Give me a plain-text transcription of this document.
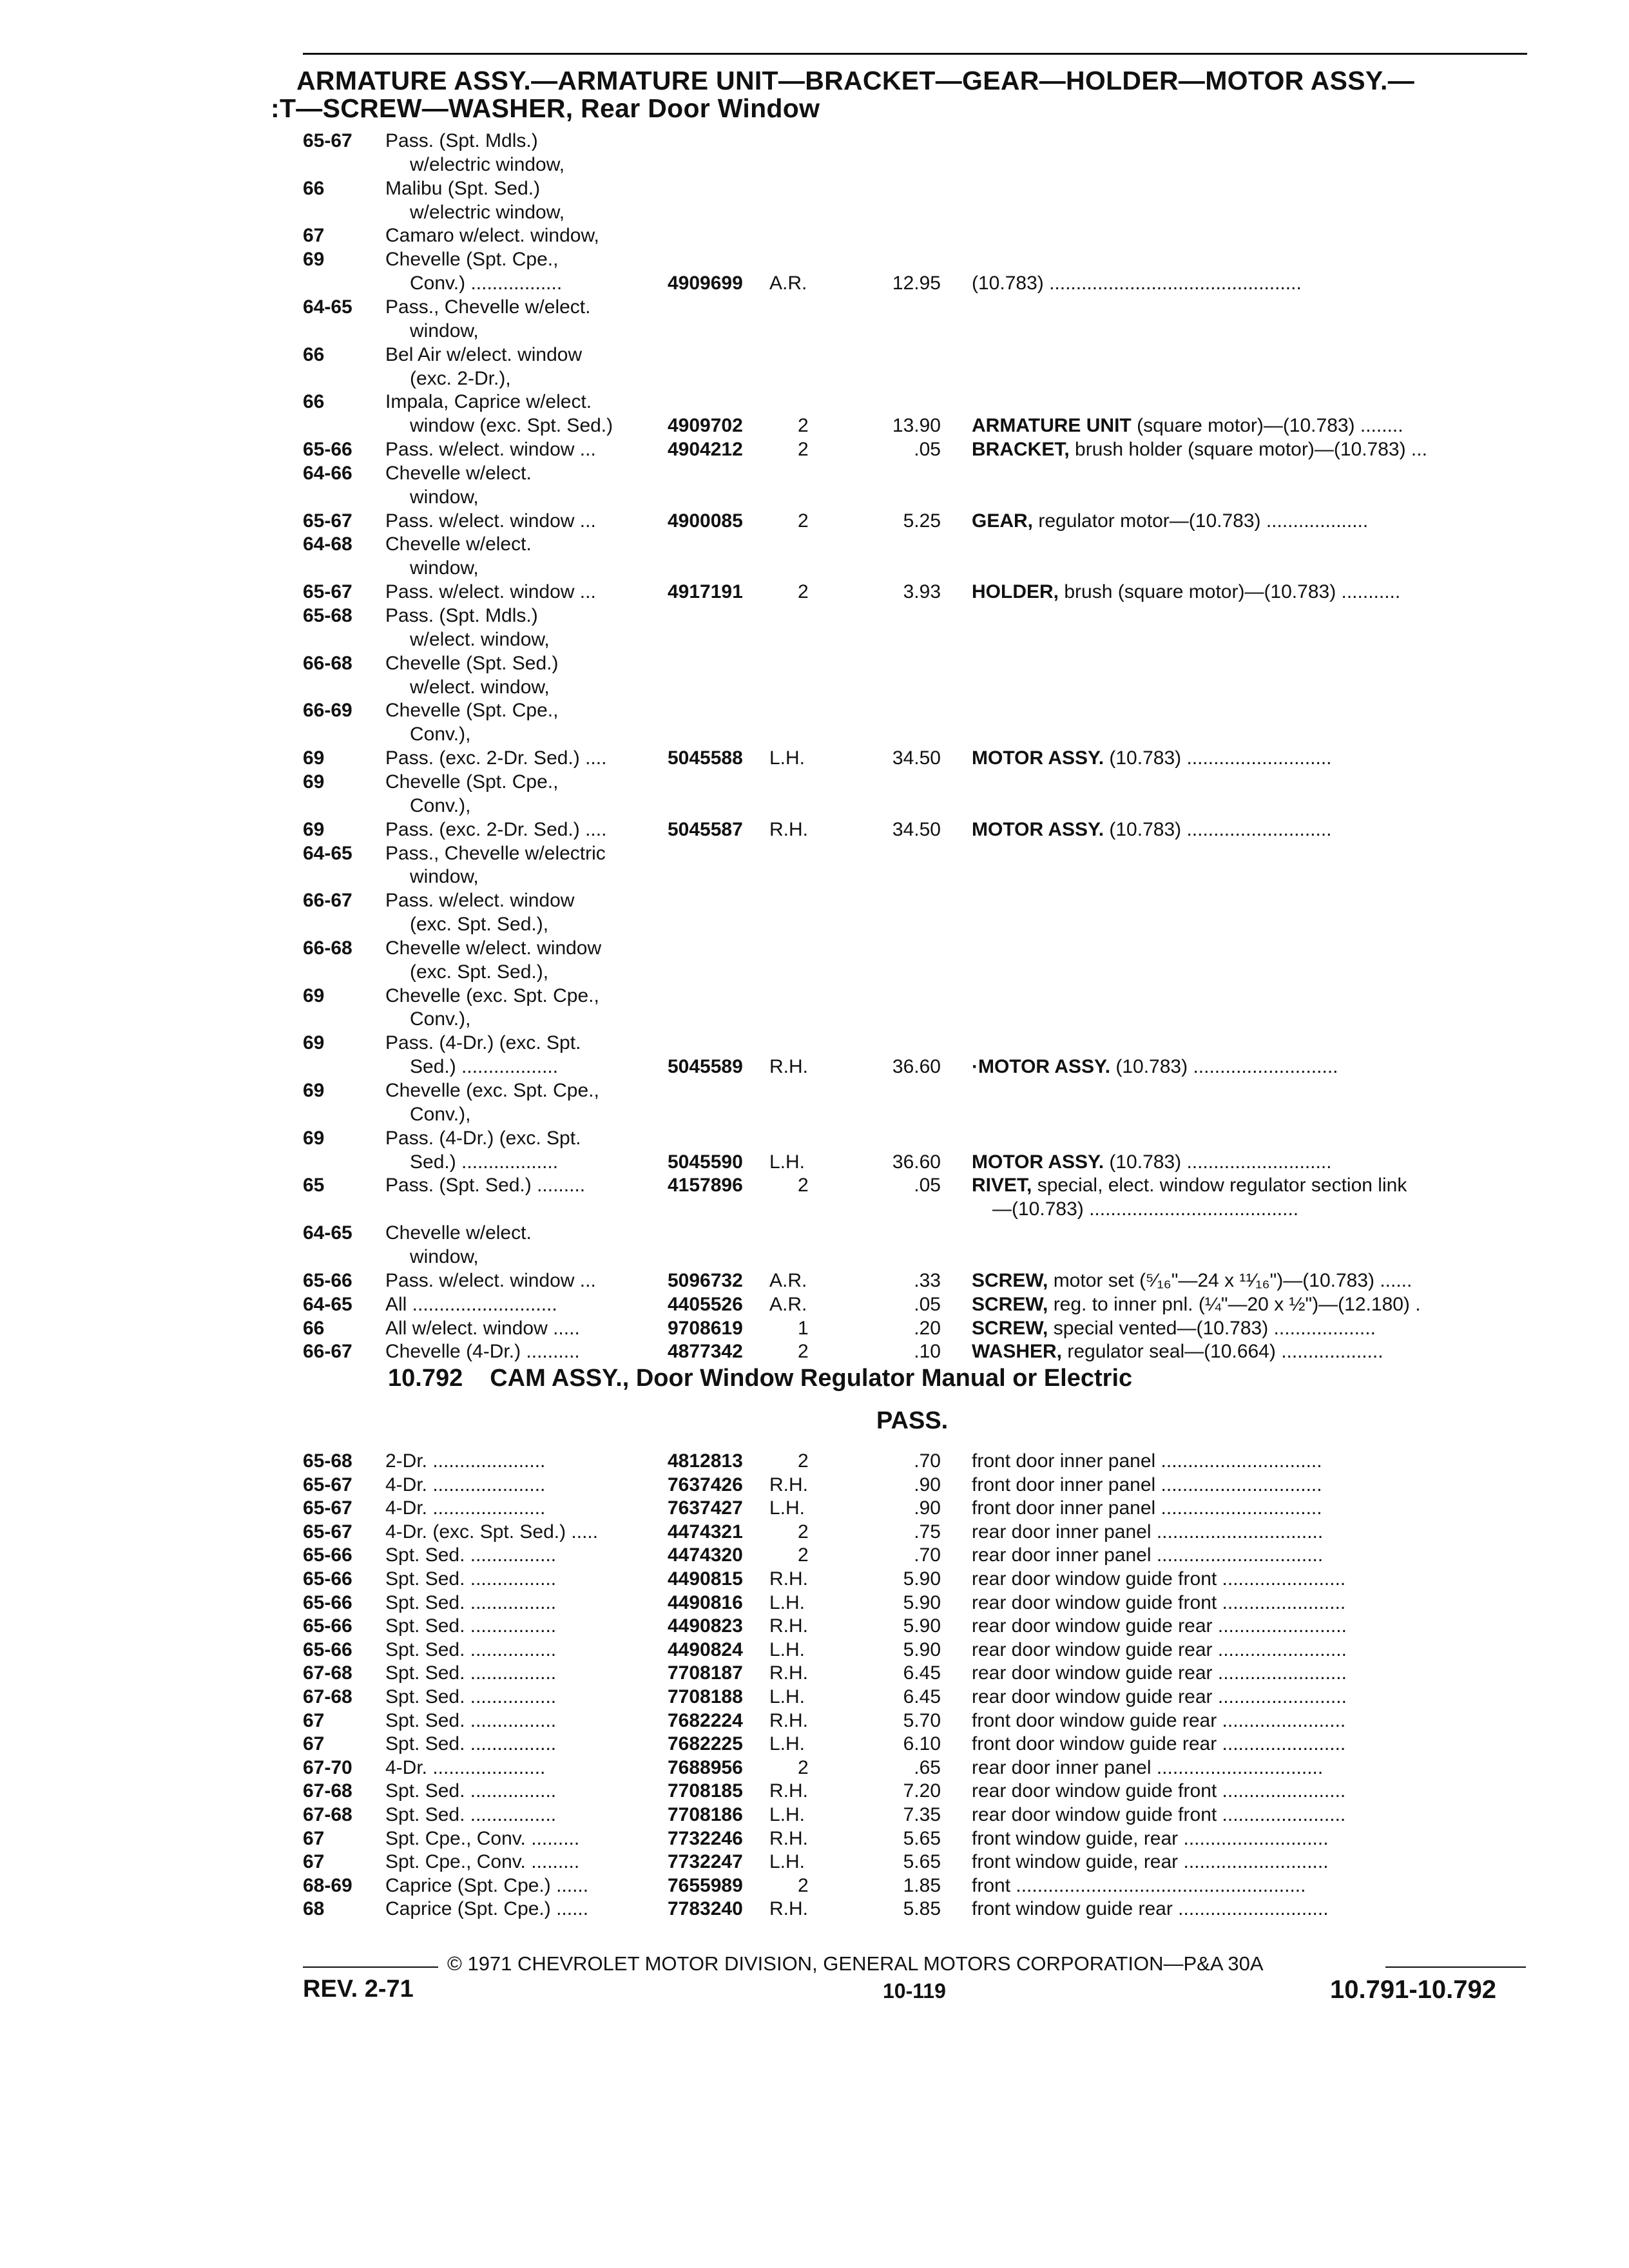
ARMATURE ASSY.—ARMATURE UNIT—BRACKET—GEAR—HOLDER—MOTOR ASSY.—
:T—SCREW—WASHER, Rear Door Window
65-67 Pass. (Spt. Mdls.)
w/electric window,
66	Malibu (Spt. Sed.)
w/electric window,
67	Camaro w/elect. window,
69	Chevelle (Spt. Cpe.,
Conv.) .................	4909699 A.R.	12.95 (10.783) ...............................................
64-65 Pass., Chevelle w/elect.
window,
66	Bel Air w/elect. window
(exc. 2-Dr.),
66	Impala, Caprice w/elect.
window (exc. Spt. Sed.)	4909702	2	13.90 ARMATURE UNIT (square motor)—(10.783) ........
65-66 Pass. w/elect. window ...	4904212	2	.05 BRACKET, brush holder (square motor)—(10.783) ...
64-66 Chevelle w/elect.
window,
65-67 Pass. w/elect. window ...	4900085	2	5.25 GEAR, regulator motor—(10.783) ...................
64-68 Chevelle w/elect.
window,
65-67 Pass. w/elect. window ...	4917191	2	3.93 HOLDER, brush (square motor)—(10.783) ...........
65-68 Pass. (Spt. Mdls.)
w/elect. window,
66-68 Chevelle (Spt. Sed.)
w/elect. window,
66-69 Chevelle (Spt. Cpe.,
Conv.),
69	Pass. (exc. 2-Dr. Sed.) ....	5045588 L.H.	34.50 MOTOR ASSY. (10.783) ...........................
69	Chevelle (Spt. Cpe.,
Conv.),
69	Pass. (exc. 2-Dr. Sed.) ....	5045587 R.H.	34.50 MOTOR ASSY. (10.783) ...........................
64-65 Pass., Chevelle w/electric
window,
66-67 Pass. w/elect. window
(exc. Spt. Sed.),
66-68 Chevelle w/elect. window
(exc. Spt. Sed.),
69	Chevelle (exc. Spt. Cpe.,
Conv.),
69	Pass. (4-Dr.) (exc. Spt.
Sed.) ..................	5045589 R.H.	36.60 ·MOTOR ASSY. (10.783) ...........................
69	Chevelle (exc. Spt. Cpe.,
Conv.),
69	Pass. (4-Dr.) (exc. Spt.
Sed.) ..................	5045590 L.H.	36.60 MOTOR ASSY. (10.783) ...........................
65	Pass. (Spt. Sed.) .........	4157896	2	.05 RIVET, special, elect. window regulator section link
—(10.783) .......................................
64-65 Chevelle w/elect.
window,
65-66 Pass. w/elect. window ...	5096732 A.R.	.33 SCREW, motor set (⁵⁄₁₆"—24 x ¹¹⁄₁₆")—(10.783) ......
64-65 All ...........................	4405526 A.R.	.05 SCREW, reg. to inner pnl. (¼"—20 x ½")—(12.180) .
66	All w/elect. window .....	9708619	1	.20 SCREW, special vented—(10.783) ...................
66-67 Chevelle (4-Dr.) ..........	4877342	2	.10 WASHER, regulator seal—(10.664) ...................
10.792 CAM ASSY., Door Window Regulator Manual or Electric
PASS.
65-68 2-Dr. .....................	4812813	2	.70 front door inner panel ..............................
65-67 4-Dr. .....................	7637426 R.H.	.90 front door inner panel ..............................
65-67 4-Dr. .....................	7637427 L.H.	.90 front door inner panel ..............................
65-67 4-Dr. (exc. Spt. Sed.) .....	4474321	2	.75 rear door inner panel ...............................
65-66 Spt. Sed. ................	4474320	2	.70 rear door inner panel ...............................
65-66 Spt. Sed. ................	4490815 R.H.	5.90 rear door window guide front .......................
65-66 Spt. Sed. ................	4490816 L.H.	5.90 rear door window guide front .......................
65-66 Spt. Sed. ................	4490823 R.H.	5.90 rear door window guide rear ........................
65-66 Spt. Sed. ................	4490824 L.H.	5.90 rear door window guide rear ........................
67-68 Spt. Sed. ................	7708187 R.H.	6.45 rear door window guide rear ........................
67-68 Spt. Sed. ................	7708188 L.H.	6.45 rear door window guide rear ........................
67	Spt. Sed. ................	7682224 R.H.	5.70 front door window guide rear .......................
67	Spt. Sed. ................	7682225 L.H.	6.10 front door window guide rear .......................
67-70 4-Dr. .....................	7688956	2	.65 rear door inner panel ...............................
67-68 Spt. Sed. ................	7708185 R.H.	7.20 rear door window guide front .......................
67-68 Spt. Sed. ................	7708186 L.H.	7.35 rear door window guide front .......................
67	Spt. Cpe., Conv. .........	7732246 R.H.	5.65 front window guide, rear ...........................
67	Spt. Cpe., Conv. .........	7732247 L.H.	5.65 front window guide, rear ...........................
68-69 Caprice (Spt. Cpe.) ......	7655989	2	1.85 front ......................................................
68	Caprice (Spt. Cpe.) ......	7783240 R.H.	5.85 front window guide rear ............................
© 1971 CHEVROLET MOTOR DIVISION, GENERAL MOTORS CORPORATION—P&A 30A
REV. 2-71	10-119	10.791-10.792
